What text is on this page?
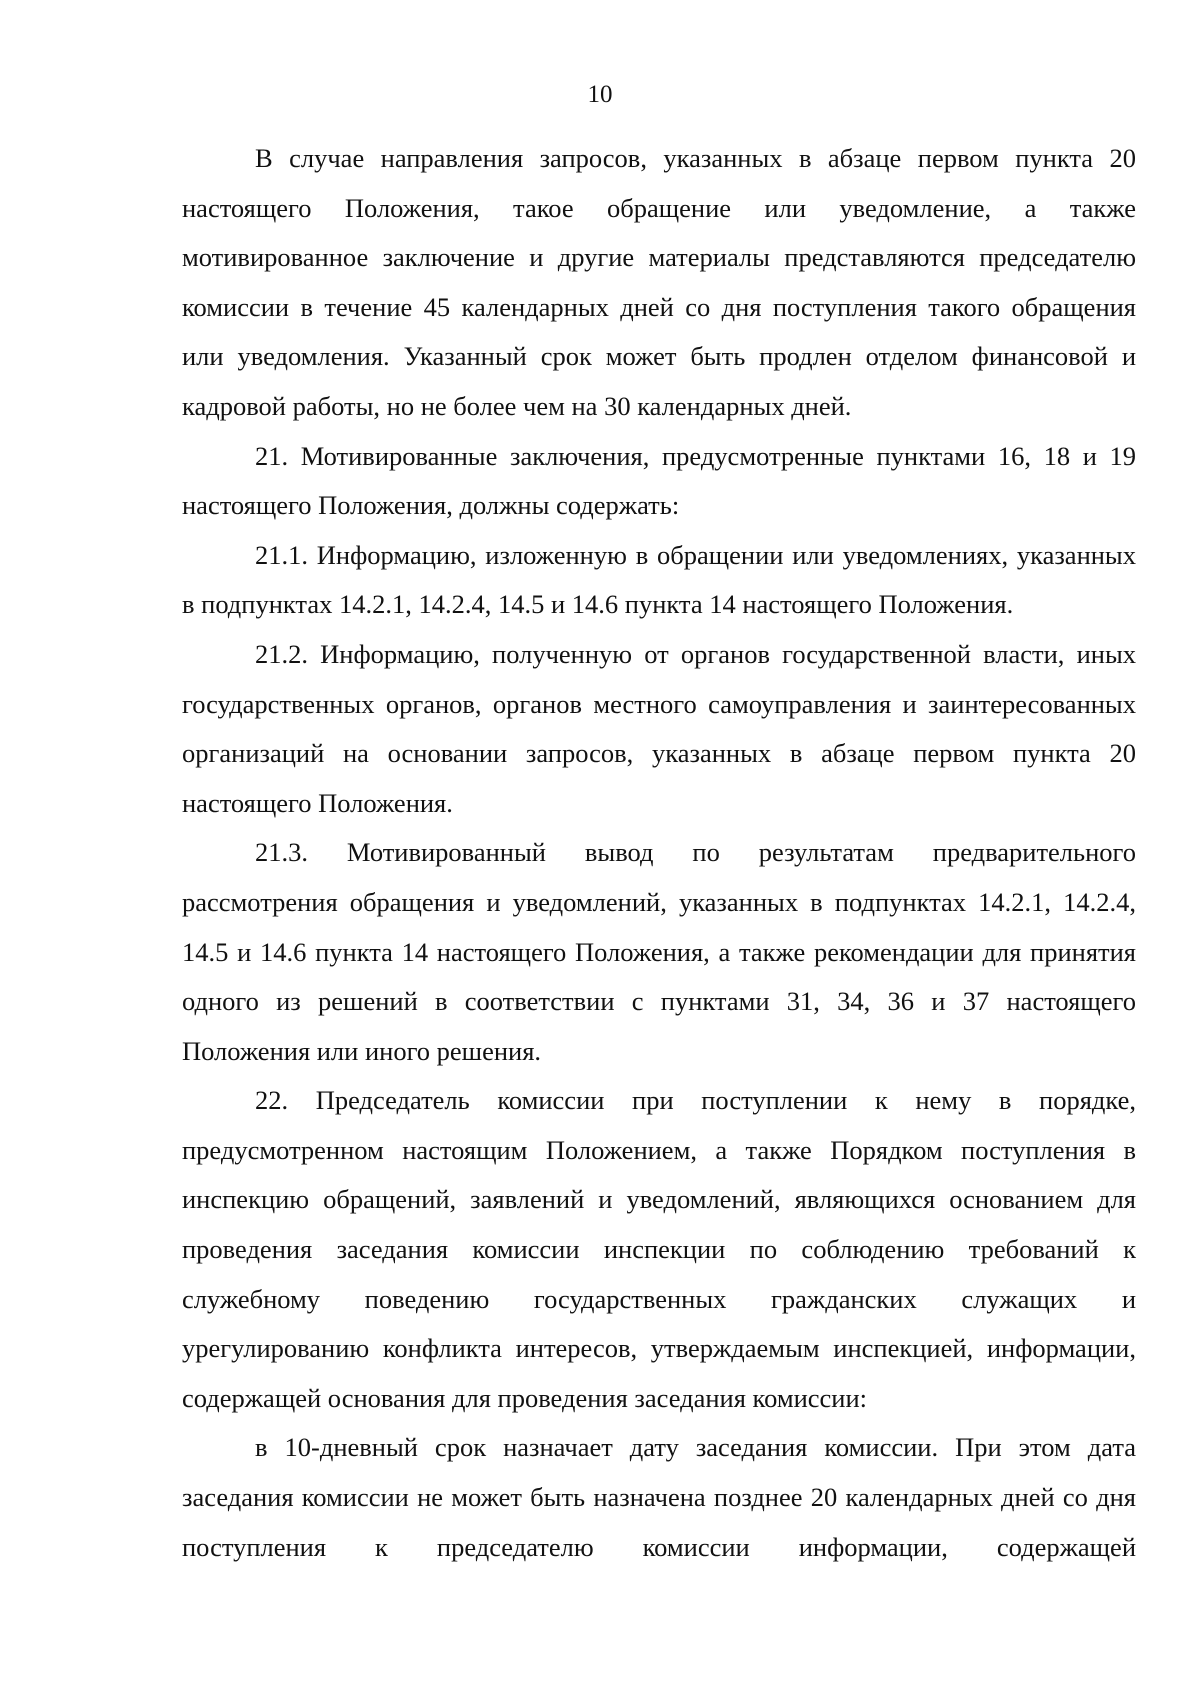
10

В случае направления запросов, указанных в абзаце первом пункта 20 настоящего Положения, такое обращение или уведомление, а также мотивированное заключение и другие материалы представляются председателю комиссии в течение 45 календарных дней со дня поступления такого обращения или уведомления. Указанный срок может быть продлен отделом финансовой и кадровой работы, но не более чем на 30 календарных дней.

21. Мотивированные заключения, предусмотренные пунктами 16, 18 и 19 настоящего Положения, должны содержать:

21.1. Информацию, изложенную в обращении или уведомлениях, указанных в подпунктах 14.2.1, 14.2.4, 14.5 и 14.6 пункта 14 настоящего Положения.

21.2. Информацию, полученную от органов государственной власти, иных государственных органов, органов местного самоуправления и заинтересованных организаций на основании запросов, указанных в абзаце первом пункта 20 настоящего Положения.

21.3. Мотивированный вывод по результатам предварительного рассмотрения обращения и уведомлений, указанных в подпунктах 14.2.1, 14.2.4, 14.5 и 14.6 пункта 14 настоящего Положения, а также рекомендации для принятия одного из решений в соответствии с пунктами 31, 34, 36 и 37 настоящего Положения или иного решения.

22. Председатель комиссии при поступлении к нему в порядке, предусмотренном настоящим Положением, а также Порядком поступления в инспекцию обращений, заявлений и уведомлений, являющихся основанием для проведения заседания комиссии инспекции по соблюдению требований к служебному поведению государственных гражданских служащих и урегулированию конфликта интересов, утверждаемым инспекцией, информации, содержащей основания для проведения заседания комиссии:

в 10-дневный срок назначает дату заседания комиссии. При этом дата заседания комиссии не может быть назначена позднее 20 календарных дней со дня поступления к председателю комиссии информации, содержащей
